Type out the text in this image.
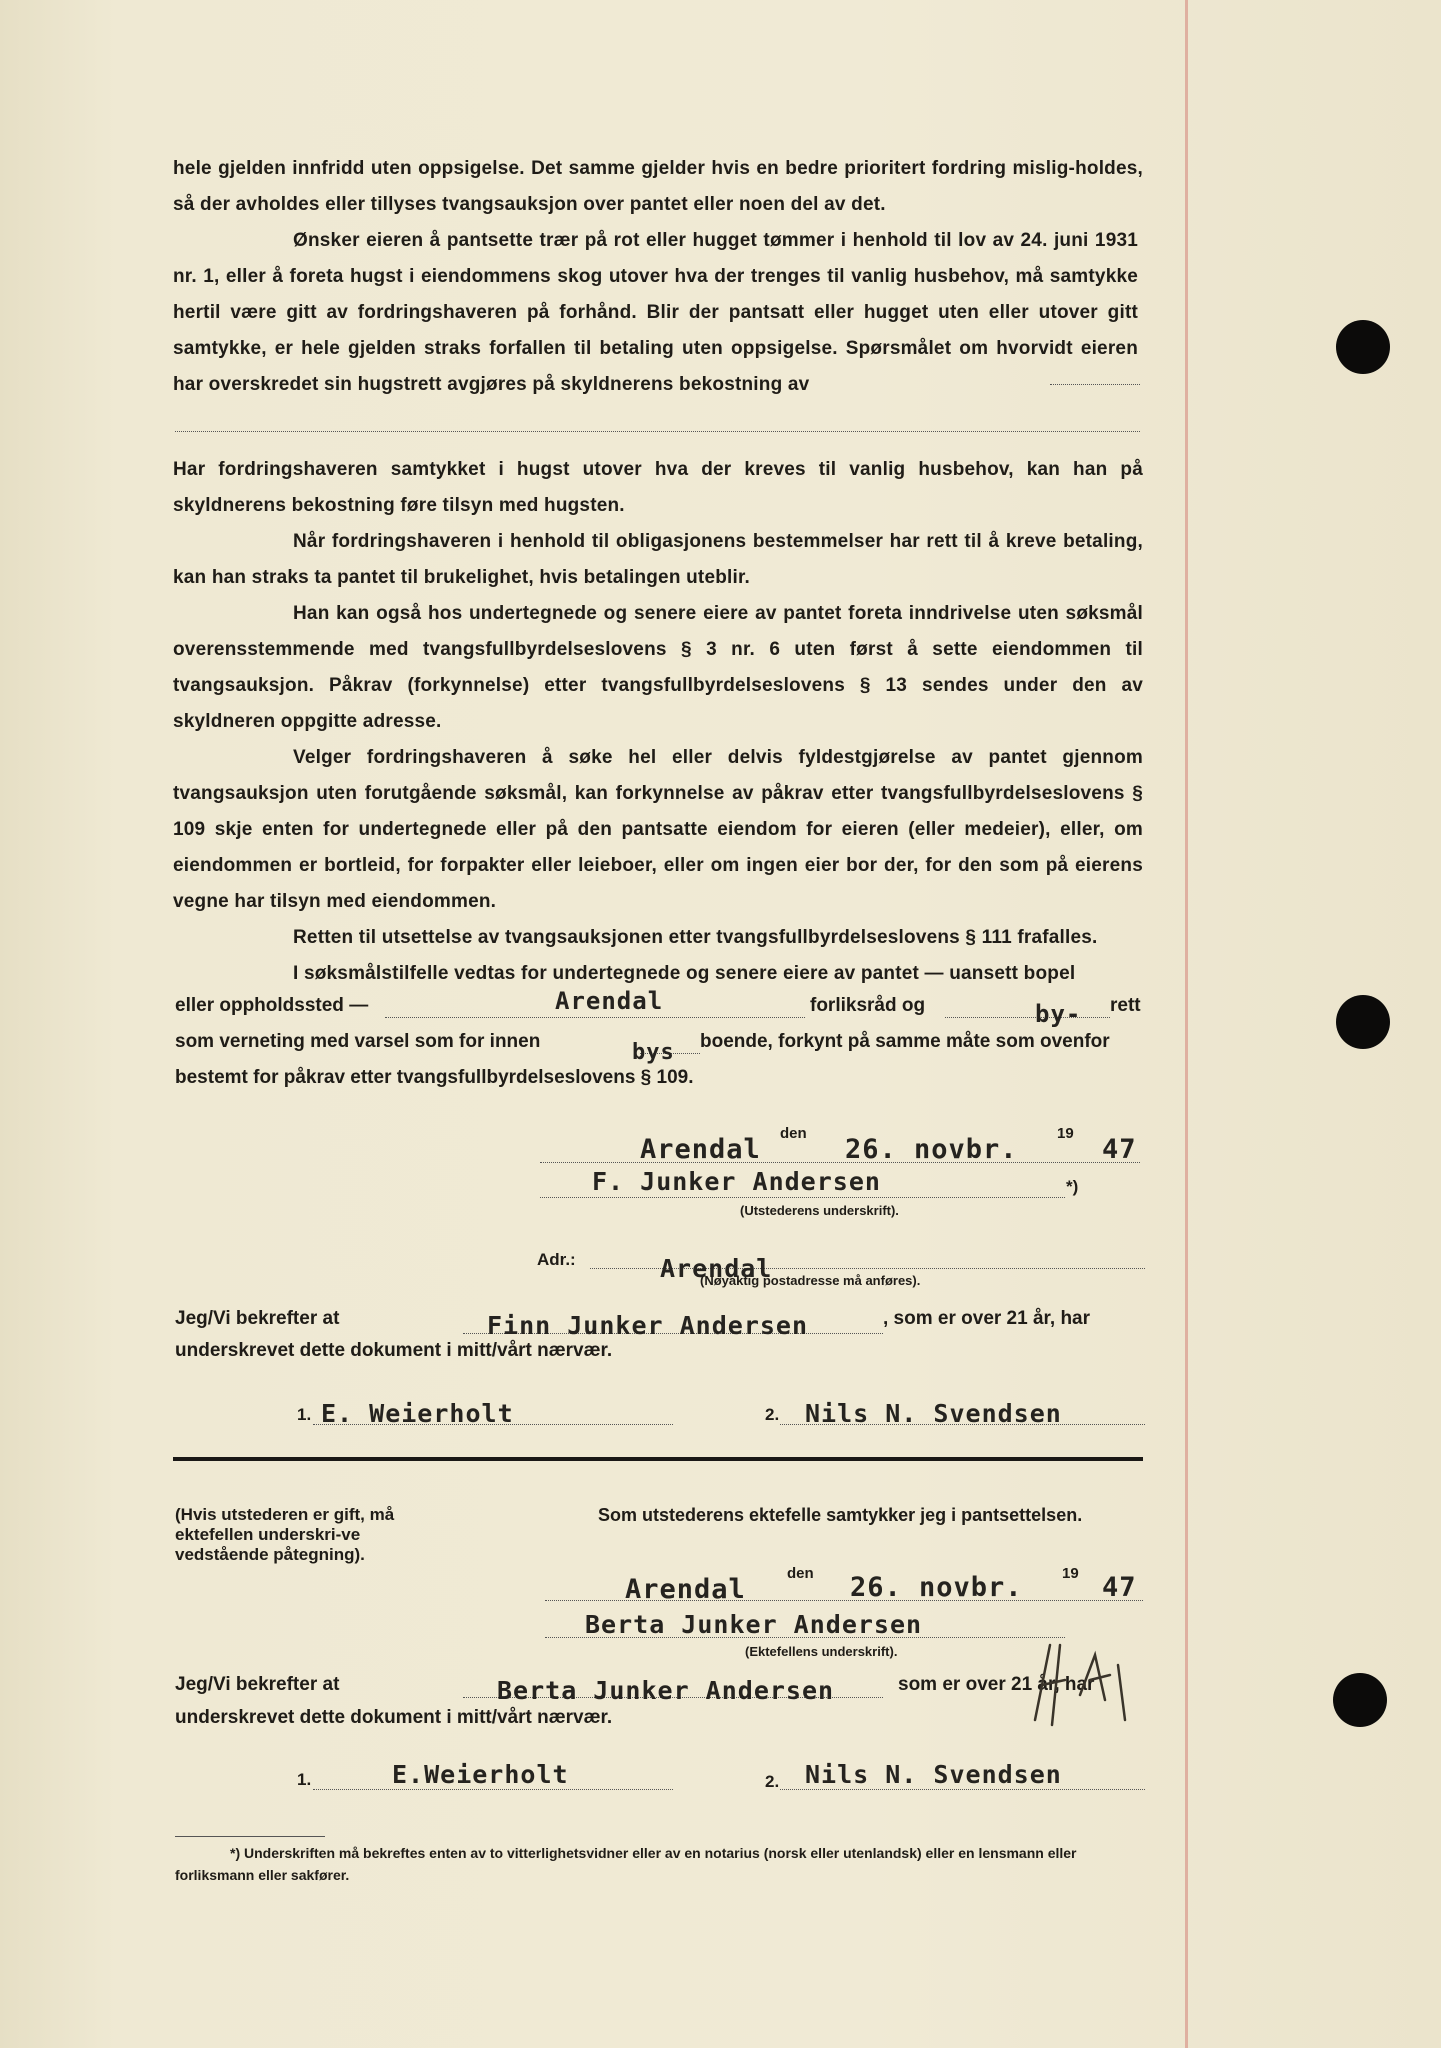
hele gjelden innfridd uten oppsigelse. Det samme gjelder hvis en bedre prioritert fordring mislig-holdes, så der avholdes eller tillyses tvangsauksjon over pantet eller noen del av det.

Ønsker eieren å pantsette trær på rot eller hugget tømmer i henhold til lov av 24. juni 1931 nr. 1, eller å foreta hugst i eiendommens skog utover hva der trenges til vanlig husbehov, må samtykke hertil være gitt av fordringshaveren på forhånd. Blir der pantsatt eller hugget uten eller utover gitt samtykke, er hele gjelden straks forfallen til betaling uten oppsigelse. Spørsmålet om hvorvidt eieren har overskredet sin hugstrett avgjøres på skyldnerens bekostning av

Har fordringshaveren samtykket i hugst utover hva der kreves til vanlig husbehov, kan han på skyldnerens bekostning føre tilsyn med hugsten.

Når fordringshaveren i henhold til obligasjonens bestemmelser har rett til å kreve betaling, kan han straks ta pantet til brukelighet, hvis betalingen uteblir.

Han kan også hos undertegnede og senere eiere av pantet foreta inndrivelse uten søksmål overensstemmende med tvangsfullbyrdelseslovens § 3 nr. 6 uten først å sette eiendommen til tvangsauksjon. Påkrav (forkynnelse) etter tvangsfullbyrdelseslovens § 13 sendes under den av skyldneren oppgitte adresse.

Velger fordringshaveren å søke hel eller delvis fyldestgjørelse av pantet gjennom tvangsauksjon uten forutgående søksmål, kan forkynnelse av påkrav etter tvangsfullbyrdelseslovens § 109 skje enten for undertegnede eller på den pantsatte eiendom for eieren (eller medeier), eller, om eiendommen er bortleid, for forpakter eller leieboer, eller om ingen eier bor der, for den som på eierens vegne har tilsyn med eiendommen.

Retten til utsettelse av tvangsauksjonen etter tvangsfullbyrdelseslovens § 111 frafalles.

I søksmålstilfelle vedtas for undertegnede og senere eiere av pantet — uansett bopel

eller oppholdssted —	Arendal	forliksråd og	by- rett
som verneting med varsel som for innen	bys boende, forkynt på samme måte som ovenfor
bestemt for påkrav etter tvangsfullbyrdelseslovens § 109.
Arendal
den
26. novbr.
19
47
F. Junker Andersen	*)
(Utstederens underskrift).
Adr.:	Arendal
(Nøyaktig postadresse må anføres).
Jeg/Vi bekrefter at	Finn Junker Andersen	, som er over 21 år, har
underskrevet dette dokument i mitt/vårt nærvær.
1. E. Weierholt	2. Nils N. Svendsen
(Hvis utstederen er gift, må ektefellen underskri-ve vedstående påtegning).
Som utstederens ektefelle samtykker jeg i pantsettelsen.
Arendal
den 26. novbr.	19 47
Berta Junker Andersen
(Ektefellens underskrift).
Jeg/Vi bekrefter at	Berta Junker Andersen	som er over 21 år, har
underskrevet dette dokument i mitt/vårt nærvær.
1.	E.Weierholt	2. Nils N. Svendsen
*) Underskriften må bekreftes enten av to vitterlighetsvidner eller av en notarius (norsk eller utenlandsk) eller en lensmann eller forliksmann eller sakfører.
